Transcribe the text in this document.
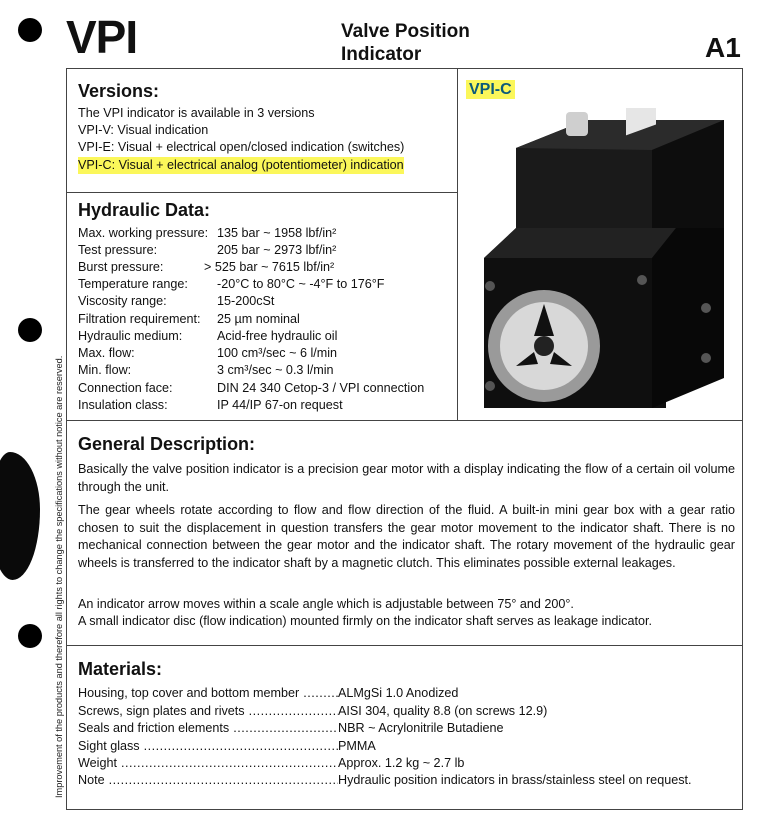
VPI	Valve Position
Indicator	A1
Improvement of the products and therefore all rights to change the specifications without notice are reserved.
Versions:
The VPI indicator is available in 3 versions
VPI-V: Visual indication
VPI-E: Visual + electrical open/closed indication (switches)
VPI-C: Visual + electrical analog (potentiometer) indication
VPI-C
Hydraulic Data:
Max. working pressure: 135 bar ~ 1958 lbf/in²
Test pressure:	205 bar ~ 2973 lbf/in²
Burst pressure:	> 525 bar ~ 7615 lbf/in²
Temperature range: -20°C to 80°C ~ -4°F to 176°F
Viscosity range:	15-200cSt
Filtration requirement: 25 µm nominal
Hydraulic medium:	Acid-free hydraulic oil
Max. flow:	100 cm³/sec ~ 6 l/min
Min. flow:	3 cm³/sec ~ 0.3 l/min
Connection face:	DIN 24 340 Cetop-3 / VPI connection
Insulation class:	IP 44/IP 67-on request
General Description:
Basically the valve position indicator is a precision gear motor with a display indicating the flow of a certain oil volume through the unit.
The gear wheels rotate according to flow and flow direction of the fluid. A built-in mini gear box with a gear ratio chosen to suit the displacement in question transfers the gear motor movement to the indicator shaft. There is no mechanical connection between the gear motor and the indicator shaft. The rotary movement of the hydraulic gear wheels is transferred to the indicator shaft by a magnetic clutch. This eliminates possible external leakages.
An indicator arrow moves within a scale angle which is adjustable between 75° and 200°.
A small indicator disc (flow indication) mounted firmly on the indicator shaft serves as leakage indicator.
Materials:
Housing, top cover and bottom member .....	ALMgSi 1.0 Anodized
Screws, sign plates and rivets .....	AISI 304, quality 8.8 (on screws 12.9)
Seals and friction elements .....	NBR ~ Acrylonitrile Butadiene
Sight glass .....	PMMA
Weight .....	Approx. 1.2 kg ~ 2.7 lb
Note .....	Hydraulic position indicators in brass/stainless steel on request.
